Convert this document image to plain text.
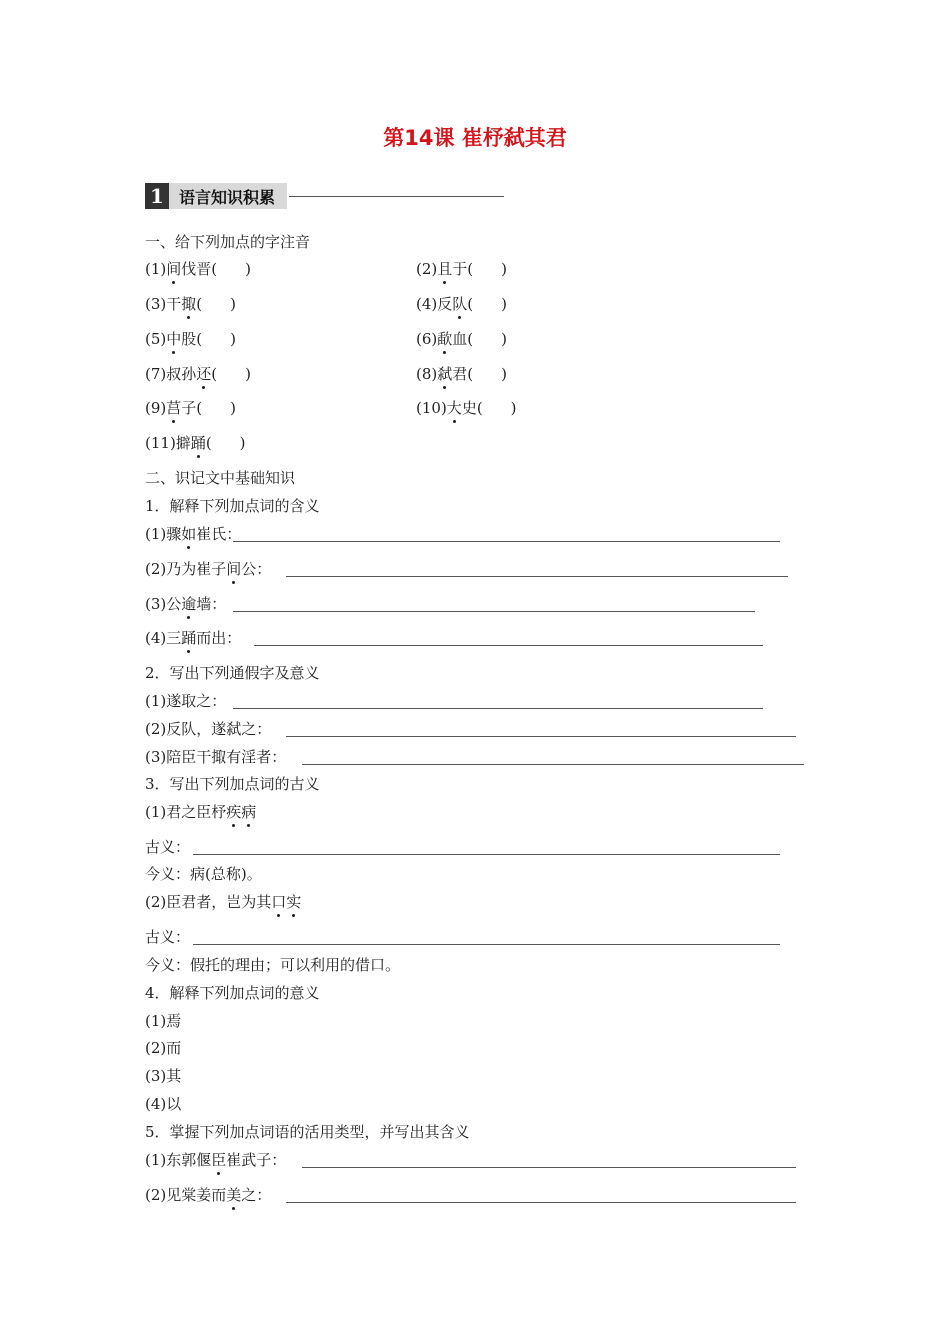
第14课 崔杼弑其君
1 语言知识积累
一、给下列加点的字注音
(1)间伐晋( )	(2)且于( )
(3)干掫( )	(4)反队( )
(5)中股( )	(6)歃血( )
(7)叔孙还( )	(8)弑君( )
(9)莒子( )	(10)大史( )
(11)擗踊( )
二、识记文中基础知识
1．解释下列加点词的含义
(1)骤如崔氏：
(2)乃为崔子间公：
(3)公逾墙：
(4)三踊而出：
2．写出下列通假字及意义
(1)遂取之：
(2)反队，遂弑之：
(3)陪臣干掫有淫者：
3．写出下列加点词的古义
(1)君之臣杼疾病
古义：
今义：病(总称)。
(2)臣君者，岂为其口实
古义：
今义：假托的理由；可以利用的借口。
4．解释下列加点词的意义
(1)焉
(2)而
(3)其
(4)以
5．掌握下列加点词语的活用类型，并写出其含义
(1)东郭偃臣崔武子：
(2)见棠姜而美之：
